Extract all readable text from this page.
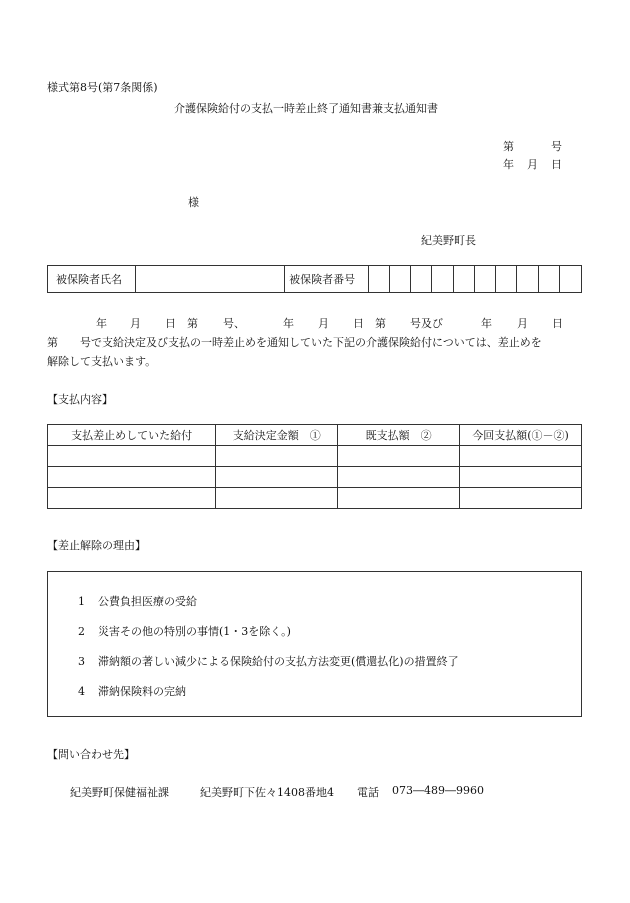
様式第8号(第7条関係)
介護保険給付の支払一時差止終了通知書兼支払通知書
第	号
年 月 日
様
紀美野町長
被保険者氏名	被保険者番号
年 月 日 第 号、	年 月 日 第 号及び	年 月 日
第　　号で支給決定及び支払の一時差止めを通知していた下記の介護保険給付については、差止めを
解除して支払います。
【支払内容】
支払差止めしていた給付	支給決定金額　①	既支払額　②	今回支払額(①－②)

【差止解除の理由】
1 公費負担医療の受給
2 災害その他の特別の事情(1・3を除く。)
3 滞納額の著しい減少による保険給付の支払方法変更(償還払化)の措置終了
4 滞納保険料の完納
【問い合わせ先】
紀美野町保健福祉課	紀美野町下佐々1408番地4 電話 073―489―9960
